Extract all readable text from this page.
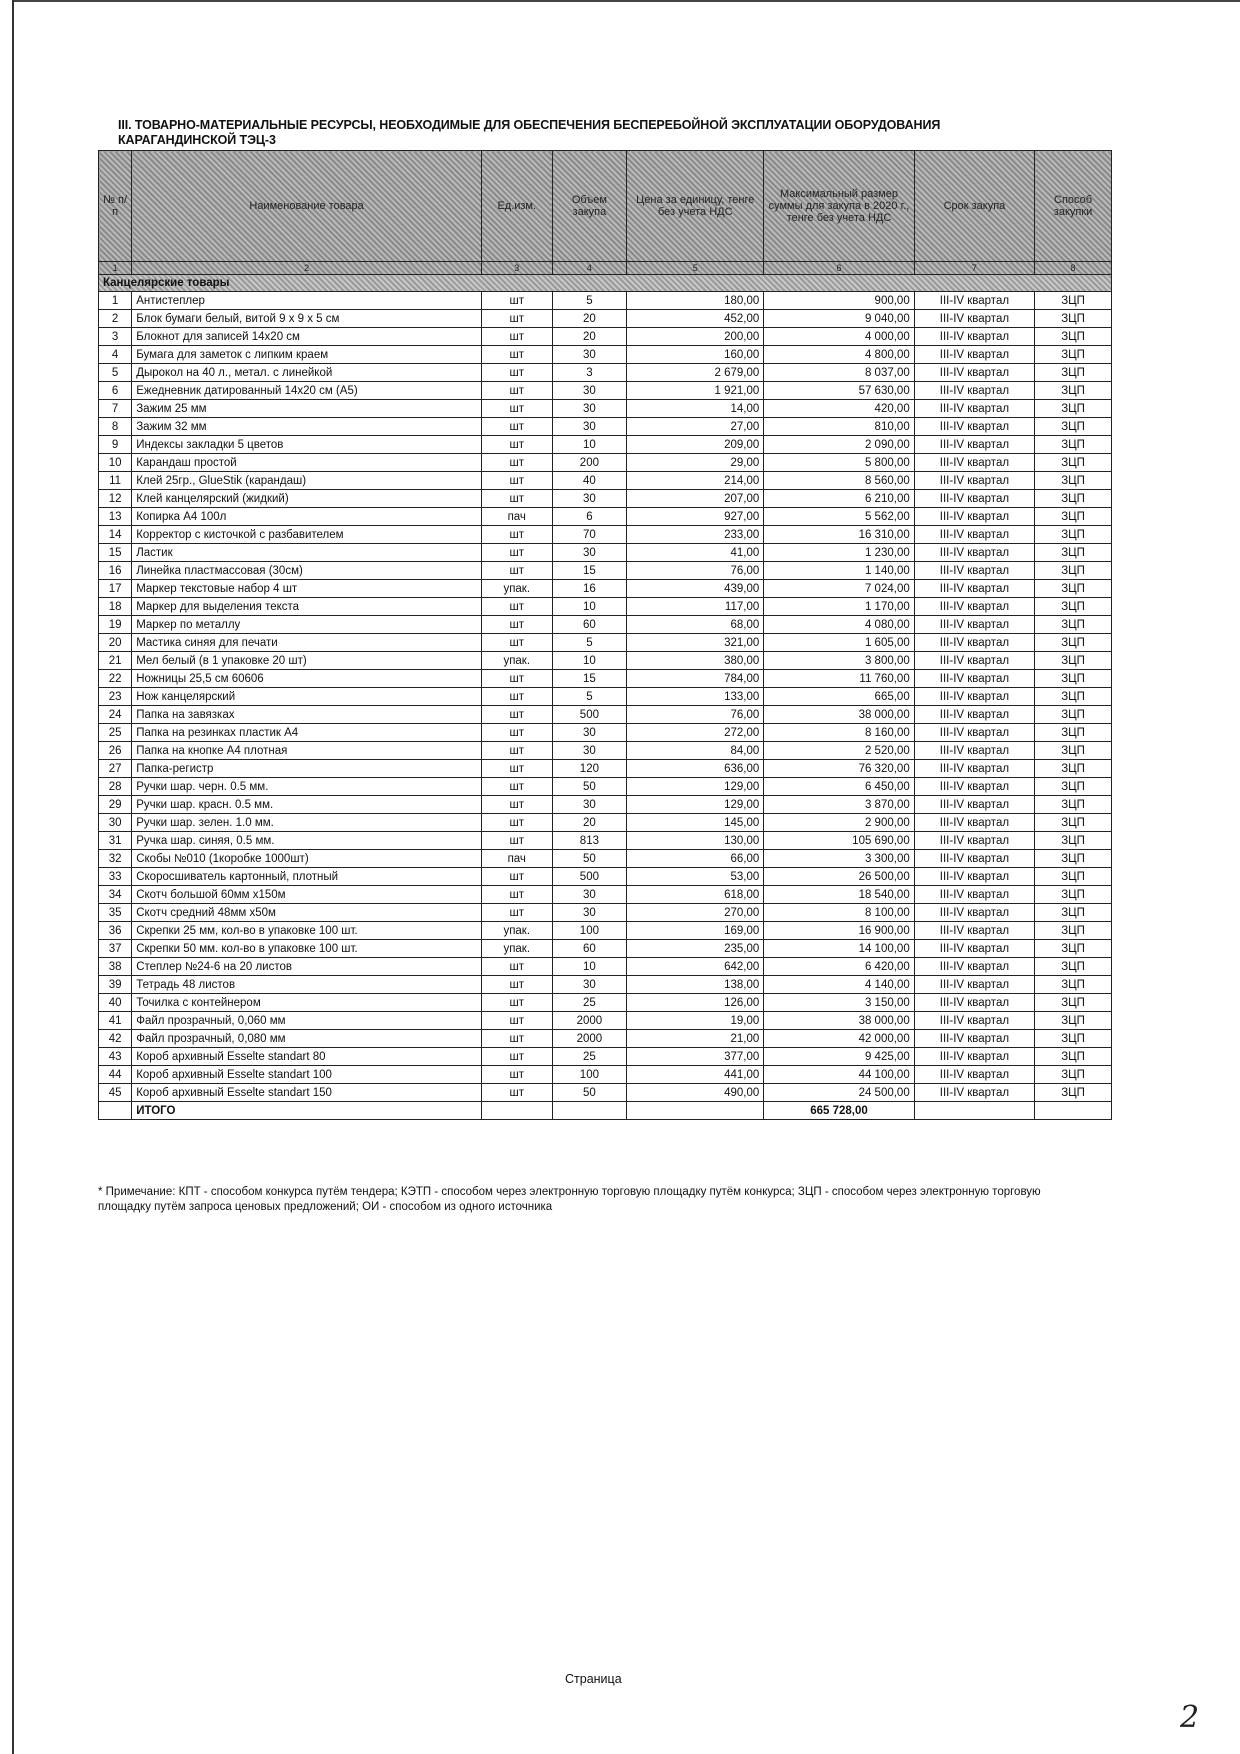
III. ТОВАРНО-МАТЕРИАЛЬНЫЕ РЕСУРСЫ, НЕОБХОДИМЫЕ ДЛЯ ОБЕСПЕЧЕНИЯ БЕСПЕРЕБОЙНОЙ ЭКСПЛУАТАЦИИ ОБОРУДОВАНИЯ КАРАГАНДИНСКОЙ ТЭЦ-3
№ п/п	Наименование товара	Ед.изм.	Объем закупа	Цена за единицу, тенге без учета НДС	Максимальный размер суммы для закупа в 2020 г., тенге без учета НДС	Срок закупа	Способ закупки
1	2	3	4	5	6	7	8
Канцелярские товары							
1	Антистеплер	шт	5	180,00	900,00	III-IV квартал	ЗЦП
2	Блок бумаги белый, витой 9 х 9 х 5 см	шт	20	452,00	9 040,00	III-IV квартал	ЗЦП
3	Блокнот для записей 14х20 см	шт	20	200,00	4 000,00	III-IV квартал	ЗЦП
4	Бумага для заметок с липким краем	шт	30	160,00	4 800,00	III-IV квартал	ЗЦП
5	Дырокол на 40 л., метал. с линейкой	шт	3	2 679,00	8 037,00	III-IV квартал	ЗЦП
6	Ежедневник датированный 14х20 см (А5)	шт	30	1 921,00	57 630,00	III-IV квартал	ЗЦП
7	Зажим 25 мм	шт	30	14,00	420,00	III-IV квартал	ЗЦП
8	Зажим 32 мм	шт	30	27,00	810,00	III-IV квартал	ЗЦП
9	Индексы закладки 5 цветов	шт	10	209,00	2 090,00	III-IV квартал	ЗЦП
10	Карандаш простой	шт	200	29,00	5 800,00	III-IV квартал	ЗЦП
11	Клей 25гр., GlueStik (карандаш)	шт	40	214,00	8 560,00	III-IV квартал	ЗЦП
12	Клей канцелярский (жидкий)	шт	30	207,00	6 210,00	III-IV квартал	ЗЦП
13	Копирка А4 100л	пач	6	927,00	5 562,00	III-IV квартал	ЗЦП
14	Корректор с кисточкой с разбавителем	шт	70	233,00	16 310,00	III-IV квартал	ЗЦП
15	Ластик	шт	30	41,00	1 230,00	III-IV квартал	ЗЦП
16	Линейка пластмассовая (30см)	шт	15	76,00	1 140,00	III-IV квартал	ЗЦП
17	Маркер текстовые набор 4 шт	упак.	16	439,00	7 024,00	III-IV квартал	ЗЦП
18	Маркер для выделения текста	шт	10	117,00	1 170,00	III-IV квартал	ЗЦП
19	Маркер по металлу	шт	60	68,00	4 080,00	III-IV квартал	ЗЦП
20	Мастика синяя для печати	шт	5	321,00	1 605,00	III-IV квартал	ЗЦП
21	Мел белый (в 1 упаковке 20 шт)	упак.	10	380,00	3 800,00	III-IV квартал	ЗЦП
22	Ножницы 25,5 см 60606	шт	15	784,00	11 760,00	III-IV квартал	ЗЦП
23	Нож канцелярский	шт	5	133,00	665,00	III-IV квартал	ЗЦП
24	Папка на завязках	шт	500	76,00	38 000,00	III-IV квартал	ЗЦП
25	Папка на резинках пластик А4	шт	30	272,00	8 160,00	III-IV квартал	ЗЦП
26	Папка на кнопке А4 плотная	шт	30	84,00	2 520,00	III-IV квартал	ЗЦП
27	Папка-регистр	шт	120	636,00	76 320,00	III-IV квартал	ЗЦП
28	Ручки шар. черн. 0.5 мм.	шт	50	129,00	6 450,00	III-IV квартал	ЗЦП
29	Ручки шар. красн. 0.5 мм.	шт	30	129,00	3 870,00	III-IV квартал	ЗЦП
30	Ручки шар. зелен. 1.0 мм.	шт	20	145,00	2 900,00	III-IV квартал	ЗЦП
31	Ручка шар. синяя, 0.5 мм.	шт	813	130,00	105 690,00	III-IV квартал	ЗЦП
32	Скобы №010 (1коробке 1000шт)	пач	50	66,00	3 300,00	III-IV квартал	ЗЦП
33	Скоросшиватель картонный, плотный	шт	500	53,00	26 500,00	III-IV квартал	ЗЦП
34	Скотч большой 60мм х150м	шт	30	618,00	18 540,00	III-IV квартал	ЗЦП
35	Скотч средний 48мм х50м	шт	30	270,00	8 100,00	III-IV квартал	ЗЦП
36	Скрепки 25 мм, кол-во в упаковке 100 шт.	упак.	100	169,00	16 900,00	III-IV квартал	ЗЦП
37	Скрепки 50 мм. кол-во в упаковке 100 шт.	упак.	60	235,00	14 100,00	III-IV квартал	ЗЦП
38	Степлер №24-6 на 20 листов	шт	10	642,00	6 420,00	III-IV квартал	ЗЦП
39	Тетрадь 48 листов	шт	30	138,00	4 140,00	III-IV квартал	ЗЦП
40	Точилка с контейнером	шт	25	126,00	3 150,00	III-IV квартал	ЗЦП
41	Файл прозрачный, 0,060 мм	шт	2000	19,00	38 000,00	III-IV квартал	ЗЦП
42	Файл прозрачный, 0,080 мм	шт	2000	21,00	42 000,00	III-IV квартал	ЗЦП
43	Короб архивный Esselte standart 80	шт	25	377,00	9 425,00	III-IV квартал	ЗЦП
44	Короб архивный Esselte standart 100	шт	100	441,00	44 100,00	III-IV квартал	ЗЦП
45	Короб архивный Esselte standart 150	шт	50	490,00	24 500,00	III-IV квартал	ЗЦП
	ИТОГО				665 728,00		
* Примечание: КПТ - способом конкурса путём тендера; КЭТП - способом через электронную торговую площадку путём конкурса; ЗЦП - способом через электронную торговую площадку путём запроса ценовых предложений; ОИ - способом из одного источника
Страница
2
